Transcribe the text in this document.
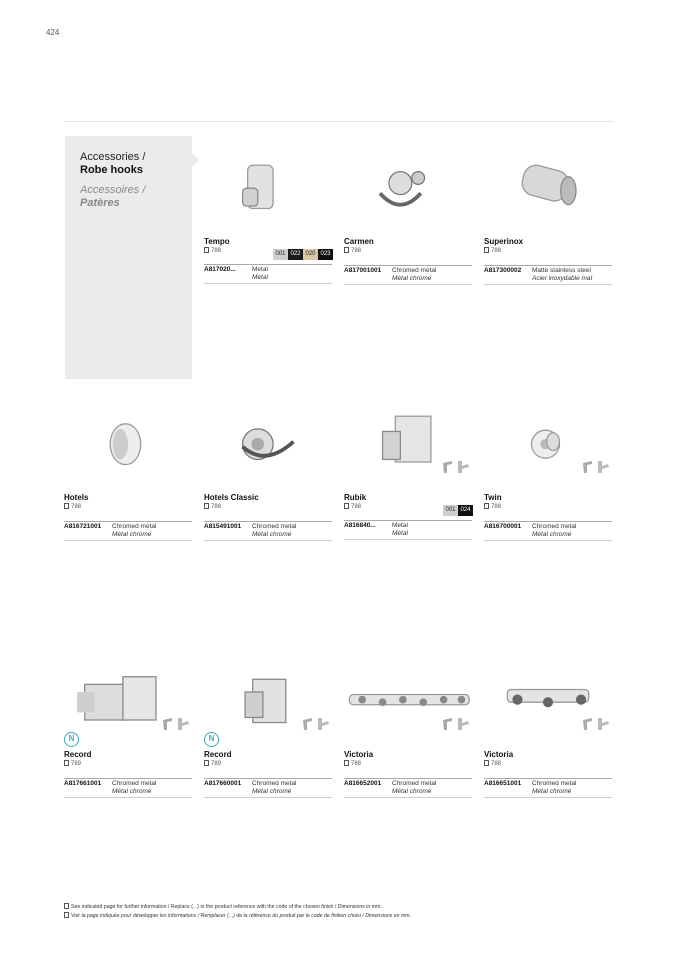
424
Accessories /
Robe hooks
Accessoires /
Patères
Tempo
788	001 022 020 023
A817020... Metal
Métal
Carmen
788
A817001001 Chromed metal
Métal chromé
Superinox
788
A817300002 Matte stainless steel
Acier inoxydable mat
Hotels
788
A816721001 Chromed metal
Métal chromé
Hotels Classic
788
A815491001 Chromed metal
Métal chromé
Rubik
788	001 024
A816840... Metal
Métal
Twin
788
A816700001 Chromed metal
Métal chromé
N
Record
789
A817661001 Chromed metal
Métal chromé
N
Record
789
A817660001 Chromed metal
Métal chromé
Victoria
788
A816652001 Chromed metal
Métal chromé
Victoria
788
A816651001 Chromed metal
Métal chromé
See indicated page for further information / Replace (...) in the product reference with the code of the chosen finish / Dimensions in mm.
Voir la page indiquée pour développer les informations / Remplacer (...) de la référence du produit par le code de finition choisi / Dimensions en mm.
